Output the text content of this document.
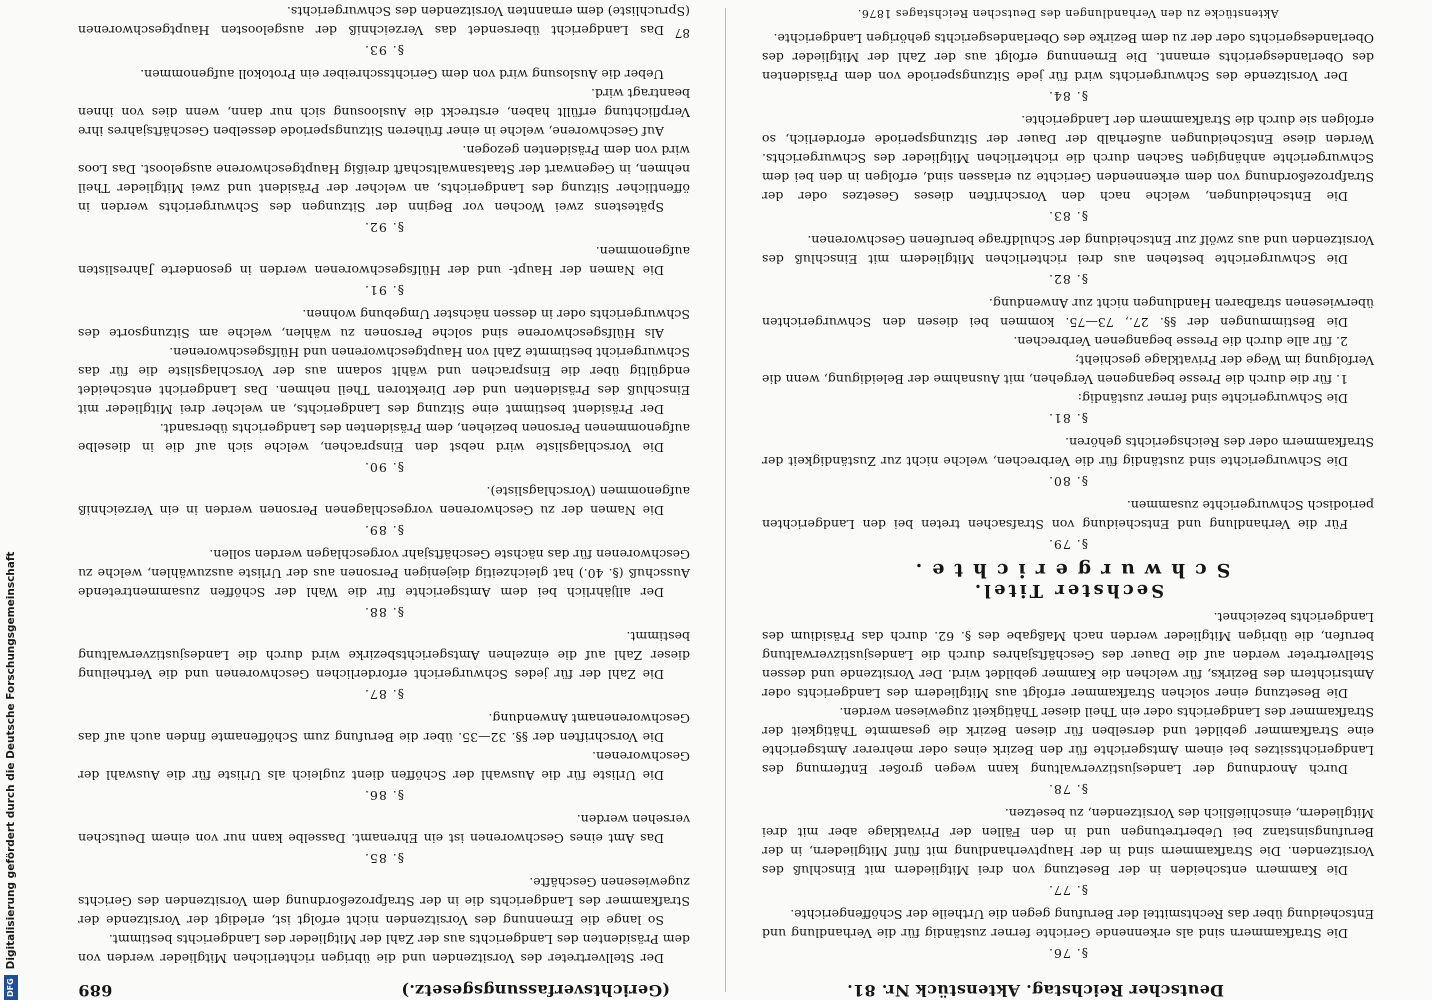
Deutscher Reichstag. Aktenstück Nr. 81.
§. 76.

Die Strafkammern sind als erkennende Gerichte ferner zuständig für die Verhandlung und Entscheidung über das Rechtsmittel der Berufung gegen die Urtheile der Schöffengerichte.

§. 77.

Die Kammern entscheiden in der Besetzung von drei Mitgliedern mit Einschluß des Vorsitzenden. Die Strafkammern sind in der Hauptverhandlung mit fünf Mitgliedern, in der Berufungsinstanz bei Uebertretungen und in den Fällen der Privatklage aber mit drei Mitgliedern, einschließlich des Vorsitzenden, zu besetzen.

§. 78.

Durch Anordnung der Landesjustizverwaltung kann wegen großer Entfernung des Landgerichtssitzes bei einem Amtsgerichte für den Bezirk eines oder mehrerer Amtsgerichte eine Strafkammer gebildet und derselben für diesen Bezirk die gesammte Thätigkeit der Strafkammer des Landgerichts oder ein Theil dieser Thätigkeit zugewiesen werden.

Die Besetzung einer solchen Strafkammer erfolgt aus Mitgliedern des Landgerichts oder Amtsrichtern des Bezirks, für welchen die Kammer gebildet wird. Der Vorsitzende und dessen Stellvertreter werden auf die Dauer des Geschäftsjahres durch die Landesjustizverwaltung berufen, die übrigen Mitglieder werden nach Maßgabe des §. 62. durch das Präsidium des Landgerichts bezeichnet.

Sechster Titel.
Schwurgerichte.
§. 79.

Für die Verhandlung und Entscheidung von Strafsachen treten bei den Landgerichten periodisch Schwurgerichte zusammen.

§. 80.

Die Schwurgerichte sind zuständig für die Verbrechen, welche nicht zur Zuständigkeit der Strafkammern oder des Reichsgerichts gehören.

§. 81.

Die Schwurgerichte sind ferner zuständig:

1. für die durch die Presse begangenen Vergehen, mit Ausnahme der Beleidigung, wenn die Verfolgung im Wege der Privatklage geschieht;

2. für alle durch die Presse begangenen Verbrechen.

Die Bestimmungen der §§. 27., 73—75. kommen bei diesen den Schwurgerichten überwiesenen strafbaren Handlungen nicht zur Anwendung.

§. 82.

Die Schwurgerichte bestehen aus drei richterlichen Mitgliedern mit Einschluß des Vorsitzenden und aus zwölf zur Entscheidung der Schuldfrage berufenen Geschworenen.

§. 83.

Die Entscheidungen, welche nach den Vorschriften dieses Gesetzes oder der Strafprozeßordnung von dem erkennenden Gerichte zu erlassen sind, erfolgen in den bei dem Schwurgerichte anhängigen Sachen durch die richterlichen Mitglieder des Schwurgerichts. Werden diese Entscheidungen außerhalb der Dauer der Sitzungsperiode erforderlich, so erfolgen sie durch die Strafkammern der Landgerichte.

§. 84.

Der Vorsitzende des Schwurgerichts wird für jede Sitzungsperiode von dem Präsidenten des Oberlandesgerichts ernannt. Die Ernennung erfolgt aus der Zahl der Mitglieder des Oberlandesgerichts oder der zu dem Bezirke des Oberlandesgerichts gehörigen Landgerichte.

Aktenstücke zu den Verhandlungen des Deutschen Reichstages 1876.
(Gerichtsverfassungsgesetz.)
689

Der Stellvertreter des Vorsitzenden und die übrigen richterlichen Mitglieder werden von dem Präsidenten des Landgerichts aus der Zahl der Mitglieder des Landgerichts bestimmt.

So lange die Ernennung des Vorsitzenden nicht erfolgt ist, erledigt der Vorsitzende der Strafkammer des Landgerichts die in der Strafprozeßordnung dem Vorsitzenden des Gerichts zugewiesenen Geschäfte.

§. 85.

Das Amt eines Geschworenen ist ein Ehrenamt. Dasselbe kann nur von einem Deutschen versehen werden.

§. 86.

Die Urliste für die Auswahl der Schöffen dient zugleich als Urliste für die Auswahl der Geschworenen.

Die Vorschriften der §§. 32—35. über die Berufung zum Schöffenamte finden auch auf das Geschworenenamt Anwendung.

§. 87.

Die Zahl der für jedes Schwurgericht erforderlichen Geschworenen und die Vertheilung dieser Zahl auf die einzelnen Amtsgerichtsbezirke wird durch die Landesjustizverwaltung bestimmt.

§. 88.

Der alljährlich bei dem Amtsgerichte für die Wahl der Schöffen zusammentretende Ausschuß (§. 40.) hat gleichzeitig diejenigen Personen aus der Urliste auszuwählen, welche zu Geschworenen für das nächste Geschäftsjahr vorgeschlagen werden sollen.

§. 89.

Die Namen der zu Geschworenen vorgeschlagenen Personen werden in ein Verzeichniß aufgenommen (Vorschlagsliste).

§. 90.

Die Vorschlagsliste wird nebst den Einsprachen, welche sich auf die in dieselbe aufgenommenen Personen beziehen, dem Präsidenten des Landgerichts übersandt.

Der Präsident bestimmt eine Sitzung des Landgerichts, an welcher drei Mitglieder mit Einschluß des Präsidenten und der Direktoren Theil nehmen. Das Landgericht entscheidet endgültig über die Einsprachen und wählt sodann aus der Vorschlagsliste die für das Schwurgericht bestimmte Zahl von Hauptgeschworenen und Hülfsgeschworenen.

Als Hülfsgeschworene sind solche Personen zu wählen, welche am Sitzungsorte des Schwurgerichts oder in dessen nächster Umgebung wohnen.

§. 91.

Die Namen der Haupt- und der Hülfsgeschworenen werden in gesonderte Jahreslisten aufgenommen.

§. 92.

Spätestens zwei Wochen vor Beginn der Sitzungen des Schwurgerichts werden in öffentlicher Sitzung des Landgerichts, an welcher der Präsident und zwei Mitglieder Theil nehmen, in Gegenwart der Staatsanwaltschaft dreißig Hauptgeschworene ausgeloost. Das Loos wird von dem Präsidenten gezogen.

Auf Geschworene, welche in einer früheren Sitzungsperiode desselben Geschäftsjahres ihre Verpflichtung erfüllt haben, erstreckt die Ausloosung sich nur dann, wenn dies von ihnen beantragt wird.

Ueber die Auslosung wird von dem Gerichtsschreiber ein Protokoll aufgenommen.

§. 93.

Das Landgericht übersendet das Verzeichniß der ausgeloosten Hauptgeschworenen (Spruchliste) dem ernannten Vorsitzenden des Schwurgerichts.

87
DFGDigitalisierung gefördert durch die Deutsche Forschungsgemeinschaft
